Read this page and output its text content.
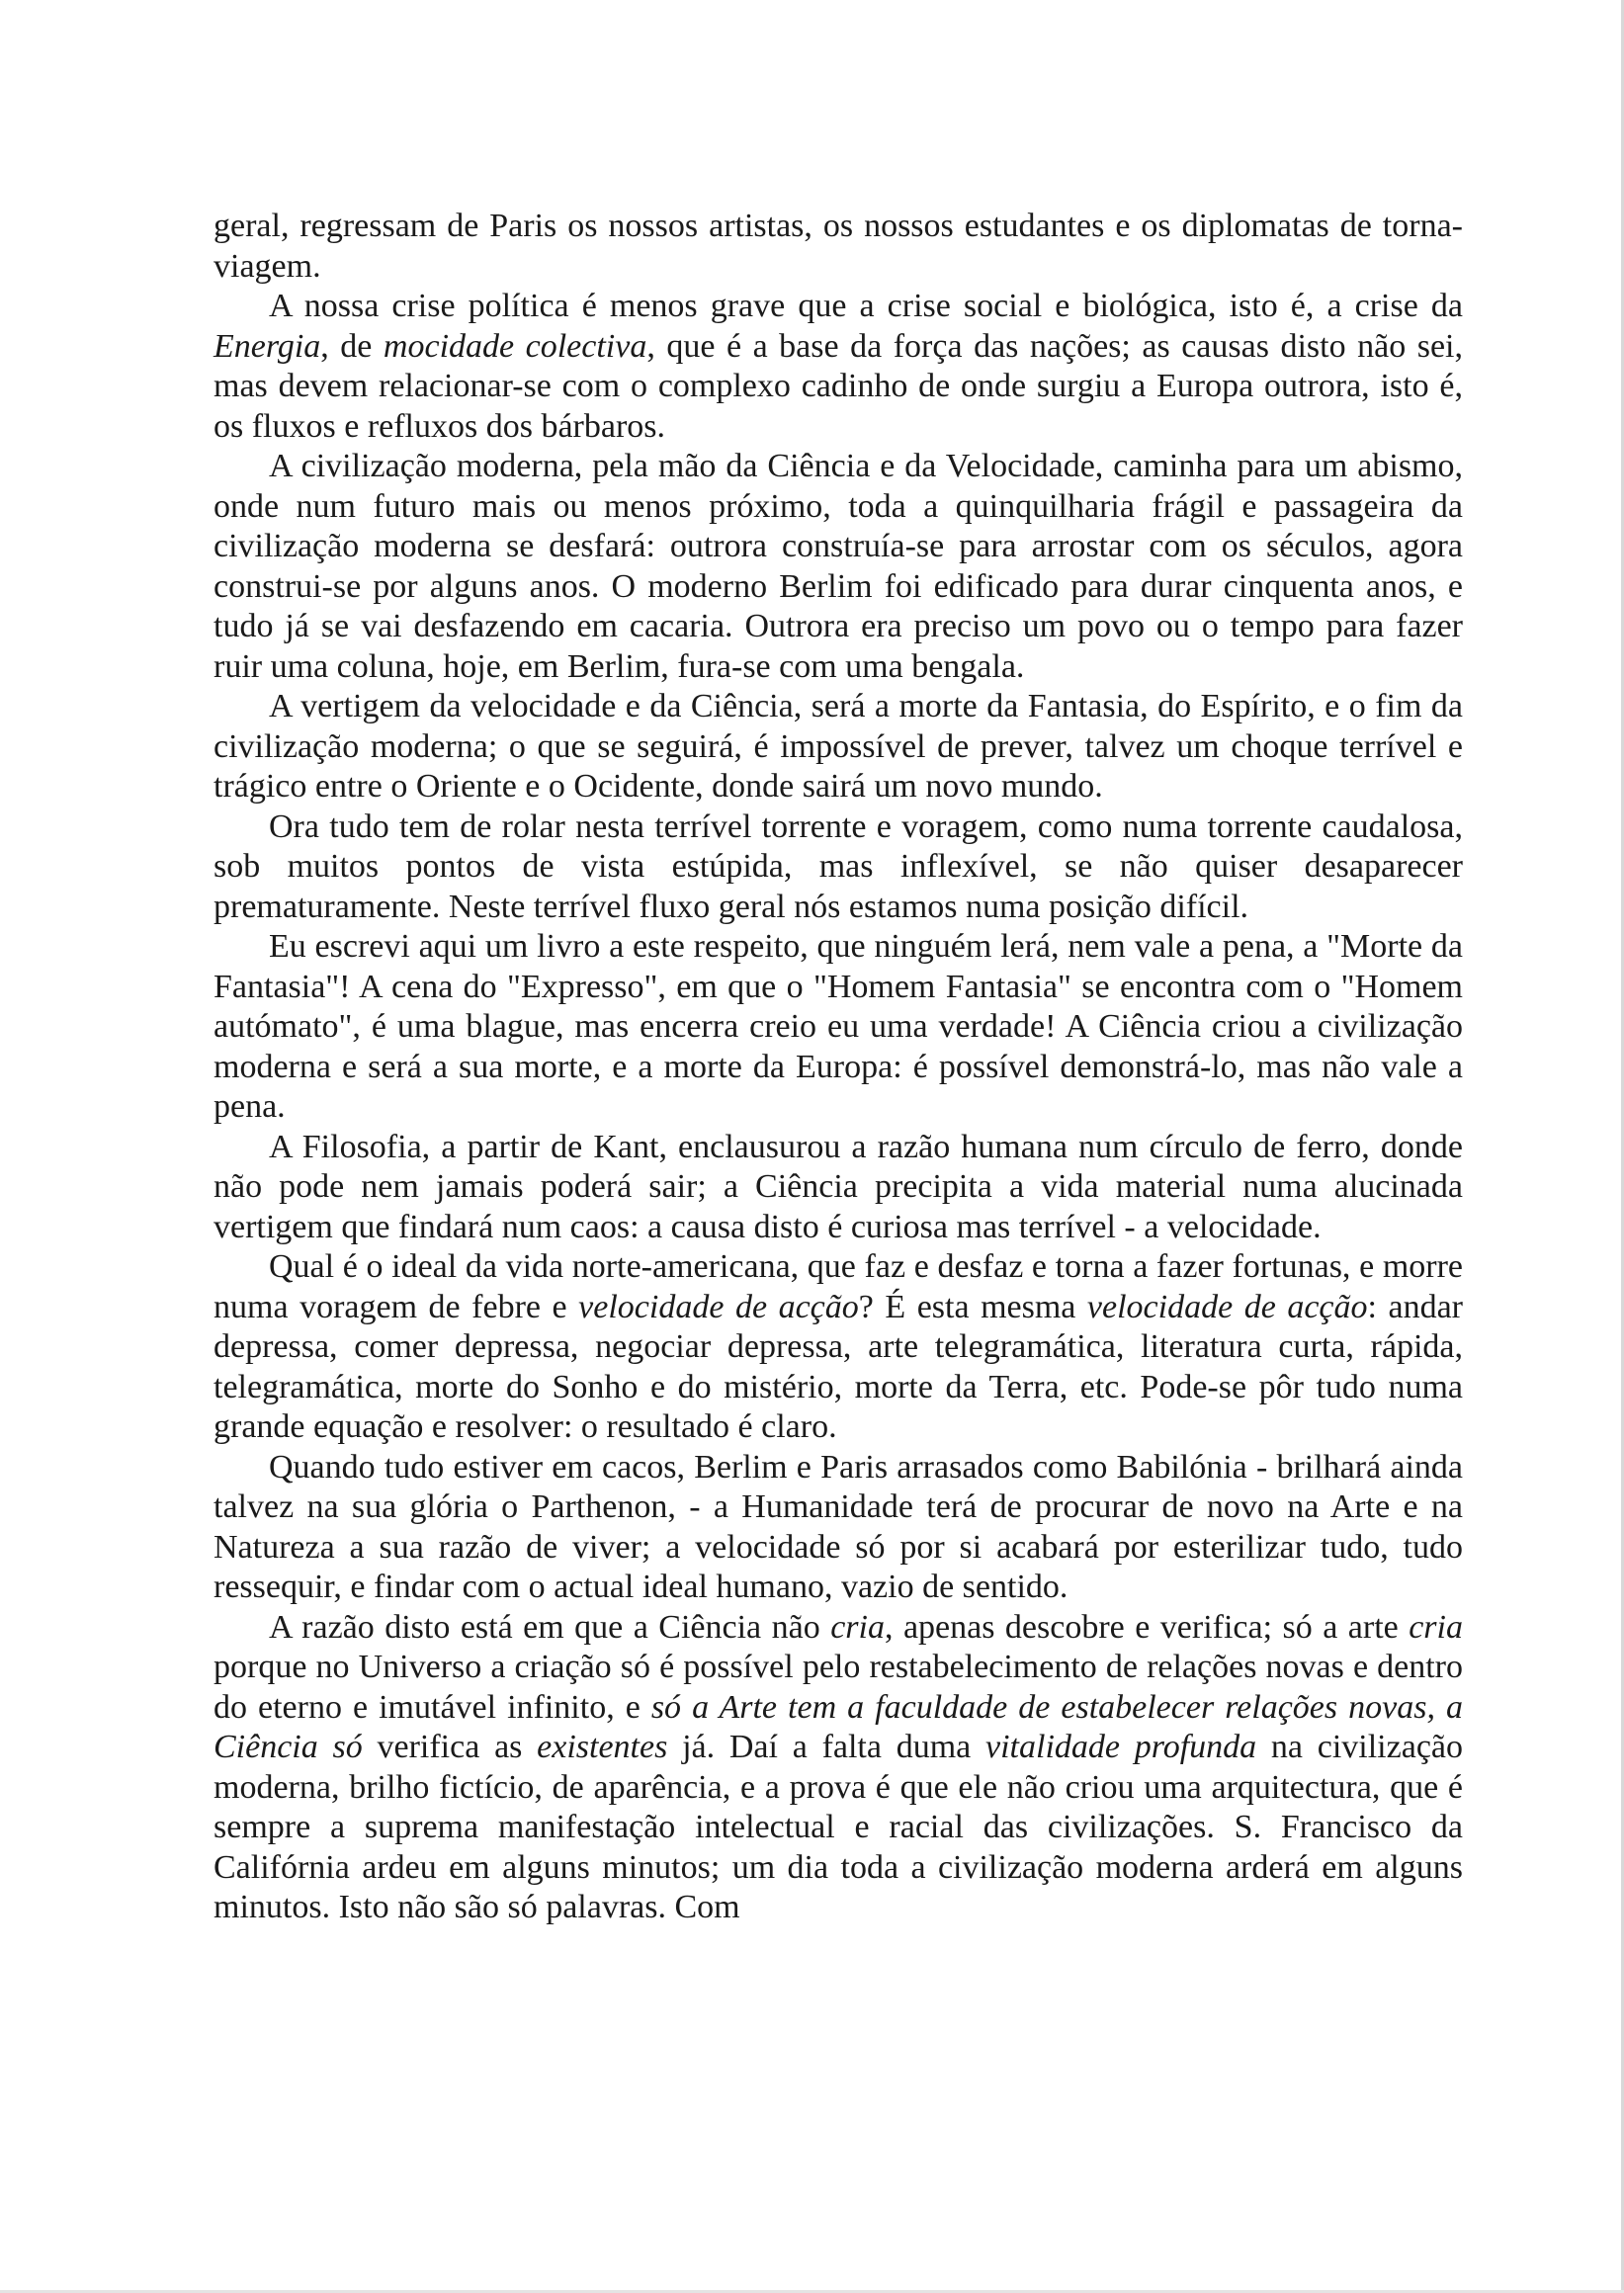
geral, regressam de Paris os nossos artistas, os nossos estudantes e os diplomatas de torna-viagem.

A nossa crise política é menos grave que a crise social e biológica, isto é, a crise da Energia, de mocidade colectiva, que é a base da força das nações; as causas disto não sei, mas devem relacionar-se com o complexo cadinho de onde surgiu a Europa outrora, isto é, os fluxos e refluxos dos bárbaros.

A civilização moderna, pela mão da Ciência e da Velocidade, caminha para um abismo, onde num futuro mais ou menos próximo, toda a quinquilharia frágil e passageira da civilização moderna se desfará: outrora construía-se para arrostar com os séculos, agora construi-se por alguns anos. O moderno Berlim foi edificado para durar cinquenta anos, e tudo já se vai desfazendo em cacaria. Outrora era preciso um povo ou o tempo para fazer ruir uma coluna, hoje, em Berlim, fura-se com uma bengala.

A vertigem da velocidade e da Ciência, será a morte da Fantasia, do Espírito, e o fim da civilização moderna; o que se seguirá, é impossível de prever, talvez um choque terrível e trágico entre o Oriente e o Ocidente, donde sairá um novo mundo.

Ora tudo tem de rolar nesta terrível torrente e voragem, como numa torrente caudalosa, sob muitos pontos de vista estúpida, mas inflexível, se não quiser desaparecer prematuramente. Neste terrível fluxo geral nós estamos numa posição difícil.

Eu escrevi aqui um livro a este respeito, que ninguém lerá, nem vale a pena, a "Morte da Fantasia"! A cena do "Expresso", em que o "Homem Fantasia" se encontra com o "Homem autómato", é uma blague, mas encerra creio eu uma verdade! A Ciência criou a civilização moderna e será a sua morte, e a morte da Europa: é possível demonstrá-lo, mas não vale a pena.

A Filosofia, a partir de Kant, enclausurou a razão humana num círculo de ferro, donde não pode nem jamais poderá sair; a Ciência precipita a vida material numa alucinada vertigem que findará num caos: a causa disto é curiosa mas terrível - a velocidade.

Qual é o ideal da vida norte-americana, que faz e desfaz e torna a fazer fortunas, e morre numa voragem de febre e velocidade de acção? É esta mesma velocidade de acção: andar depressa, comer depressa, negociar depressa, arte telegramática, literatura curta, rápida, telegramática, morte do Sonho e do mistério, morte da Terra, etc. Pode-se pôr tudo numa grande equação e resolver: o resultado é claro.

Quando tudo estiver em cacos, Berlim e Paris arrasados como Babilónia - brilhará ainda talvez na sua glória o Parthenon, - a Humanidade terá de procurar de novo na Arte e na Natureza a sua razão de viver; a velocidade só por si acabará por esterilizar tudo, tudo ressequir, e findar com o actual ideal humano, vazio de sentido.

A razão disto está em que a Ciência não cria, apenas descobre e verifica; só a arte cria porque no Universo a criação só é possível pelo restabelecimento de relações novas e dentro do eterno e imutável infinito, e só a Arte tem a faculdade de estabelecer relações novas, a Ciência só verifica as existentes já. Daí a falta duma vitalidade profunda na civilização moderna, brilho fictício, de aparência, e a prova é que ele não criou uma arquitectura, que é sempre a suprema manifestação intelectual e racial das civilizações. S. Francisco da Califórnia ardeu em alguns minutos; um dia toda a civilização moderna arderá em alguns minutos. Isto não são só palavras. Com
